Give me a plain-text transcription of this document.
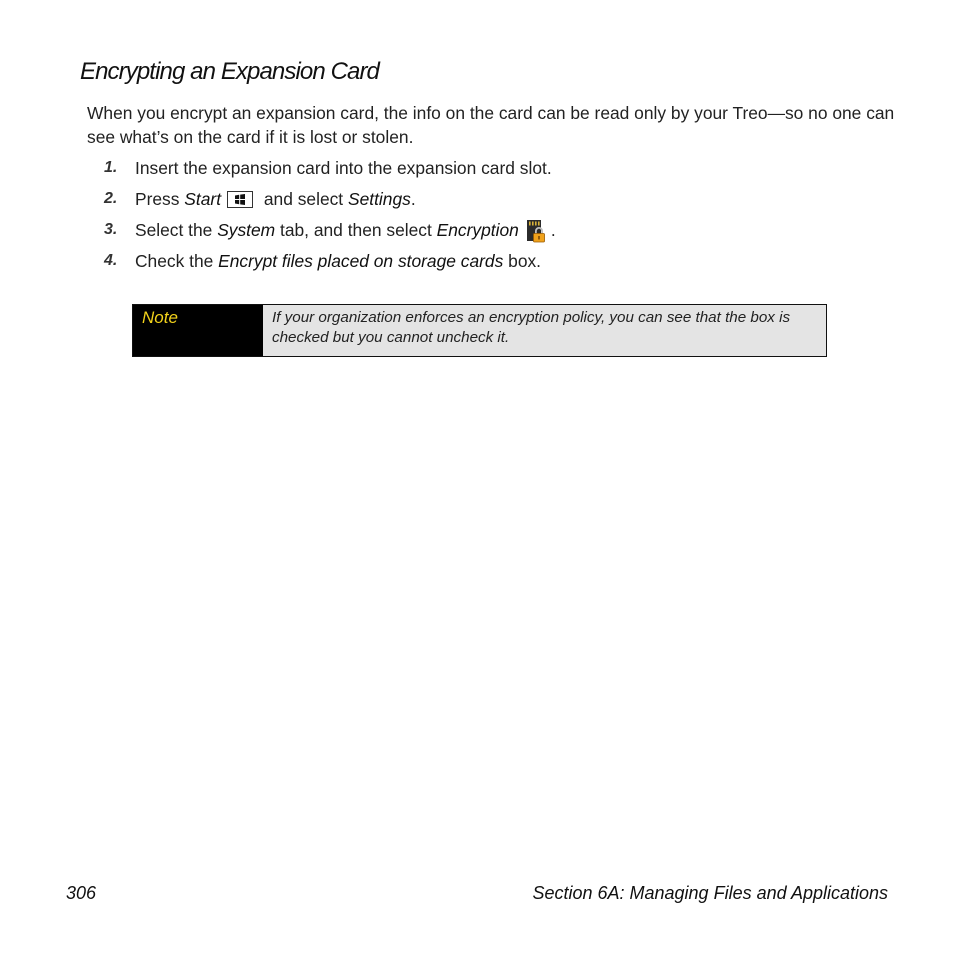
Encrypting an Expansion Card

When you encrypt an expansion card, the info on the card can be read only by your Treo—so no one can see what’s on the card if it is lost or stolen.

1.	Insert the expansion card into the expansion card slot.
2.	Press Start
and select Settings.
3.	Select the System tab, and then select Encryption .
4.	Check the Encrypt files placed on storage cards box.
Note	If your organization enforces an encryption policy, you can see that the box is checked but you cannot uncheck it.
306	Section 6A: Managing Files and Applications
